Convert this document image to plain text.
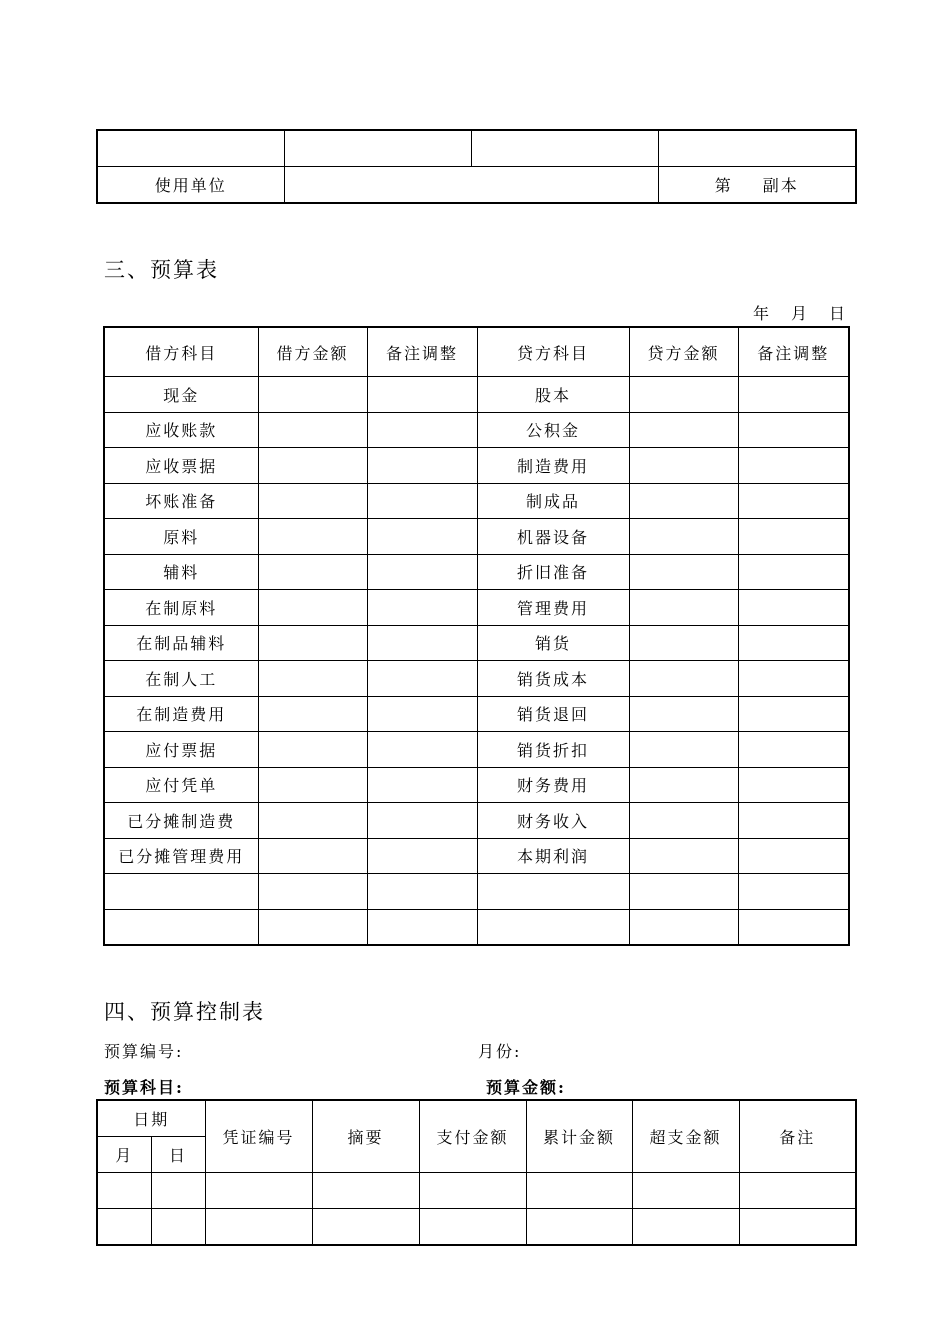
使用单位			第 副本
三、预算表
年 月 日
借方科目	借方金额	备注调整	贷方科目	贷方金额	备注调整
现金			股本		
应收账款			公积金		
应收票据			制造费用		
坏账准备			制成品		
原料			机器设备		
辅料			折旧准备		
在制原料			管理费用		
在制品辅料			销货		
在制人工			销货成本		
在制造费用			销货退回		
应付票据			销货折扣		
应付凭单			财务费用		
已分摊制造费			财务收入		
已分摊管理费用			本期利润		

四、预算控制表
预算编号:	月份:
预算科目:	预算金额:
日期		凭证编号	摘要	支付金额	累计金额	超支金额	备注
月	日						
